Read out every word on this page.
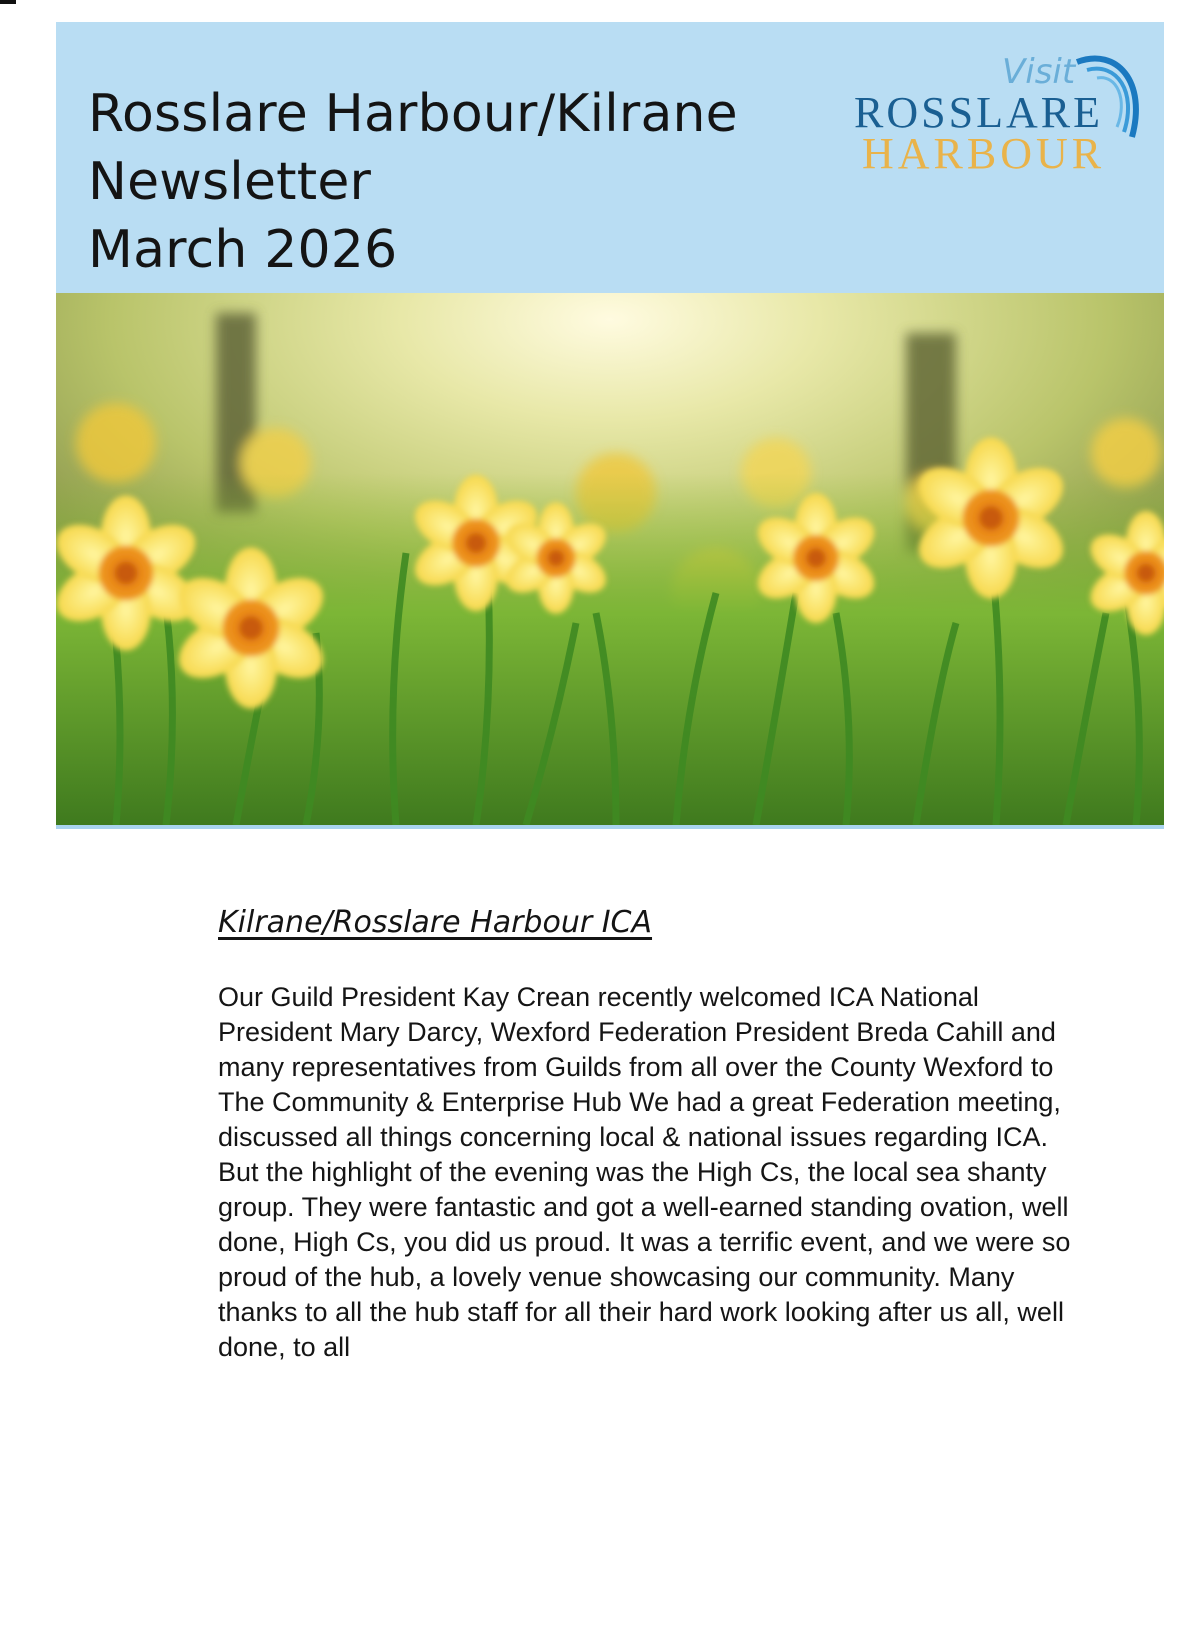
Rosslare Harbour/Kilrane
Newsletter
March 2026
Visit
ROSSLARE
HARBOUR
Kilrane/Rosslare Harbour ICA

Our Guild President Kay Crean recently welcomed ICA National President Mary Darcy, Wexford Federation President Breda Cahill and many representatives from Guilds from all over the County Wexford to The Community & Enterprise Hub We had a great Federation meeting, discussed all things concerning local & national issues regarding ICA.

But the highlight of the evening was the High Cs, the local sea shanty group. They were fantastic and got a well-earned standing ovation, well done, High Cs, you did us proud. It was a terrific event, and we were so proud of the hub, a lovely venue showcasing our community. Many thanks to all the hub staff for all their hard work looking after us all, well done, to all
